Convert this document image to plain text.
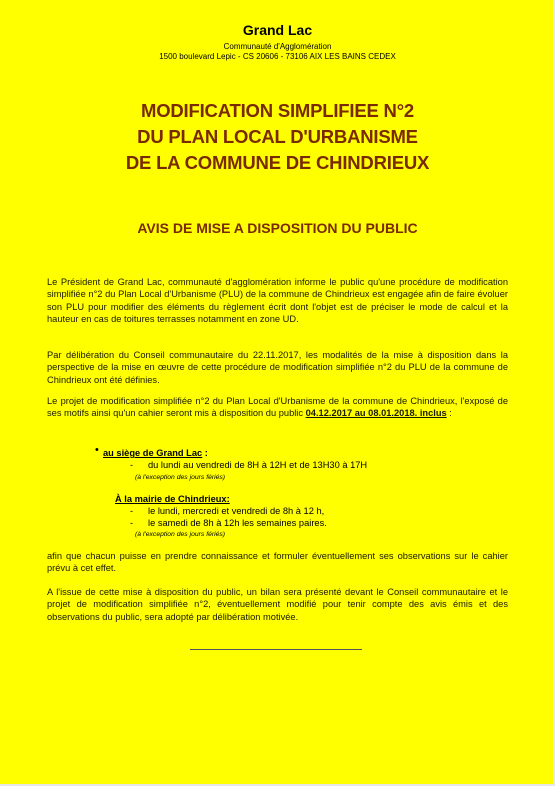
Grand Lac
Communauté d'Agglomération
1500 boulevard Lepic - CS 20606 - 73106 AIX LES BAINS CEDEX
MODIFICATION SIMPLIFIEE N°2
DU PLAN LOCAL D'URBANISME
DE LA COMMUNE DE CHINDRIEUX
AVIS DE MISE A DISPOSITION DU PUBLIC
Le Président de Grand Lac, communauté d'agglomération informe le public qu'une procédure de modification simplifiée n°2 du Plan Local d'Urbanisme (PLU) de la commune de Chindrieux est engagée afin de faire évoluer son PLU pour modifier des éléments du règlement écrit dont l'objet est de préciser le mode de calcul et la hauteur en cas de toitures terrasses notamment en zone UD.
Par délibération du Conseil communautaire du 22.11.2017, les modalités de la mise à disposition dans la perspective de la mise en œuvre de cette procédure de modification simplifiée n°2 du PLU de la commune de Chindrieux ont été définies.
Le projet de modification simplifiée n°2 du Plan Local d'Urbanisme de la commune de Chindrieux, l'exposé de ses motifs ainsi qu'un cahier seront mis à disposition du public 04.12.2017 au 08.01.2018. inclus :
• au siège de Grand Lac :
- du lundi au vendredi de 8H à 12H et de 13H30 à 17H
(à l'exception des jours fériés)
À la mairie de Chindrieux:
- le lundi, mercredi et vendredi de 8h à 12 h,
- le samedi de 8h à 12h les semaines paires.
(à l'exception des jours fériés)
afin que chacun puisse en prendre connaissance et formuler éventuellement ses observations sur le cahier prévu à cet effet.
A l'issue de cette mise à disposition du public, un bilan sera présenté devant le Conseil communautaire et le projet de modification simplifiée n°2, éventuellement modifié pour tenir compte des avis émis et des observations du public, sera adopté par délibération motivée.
